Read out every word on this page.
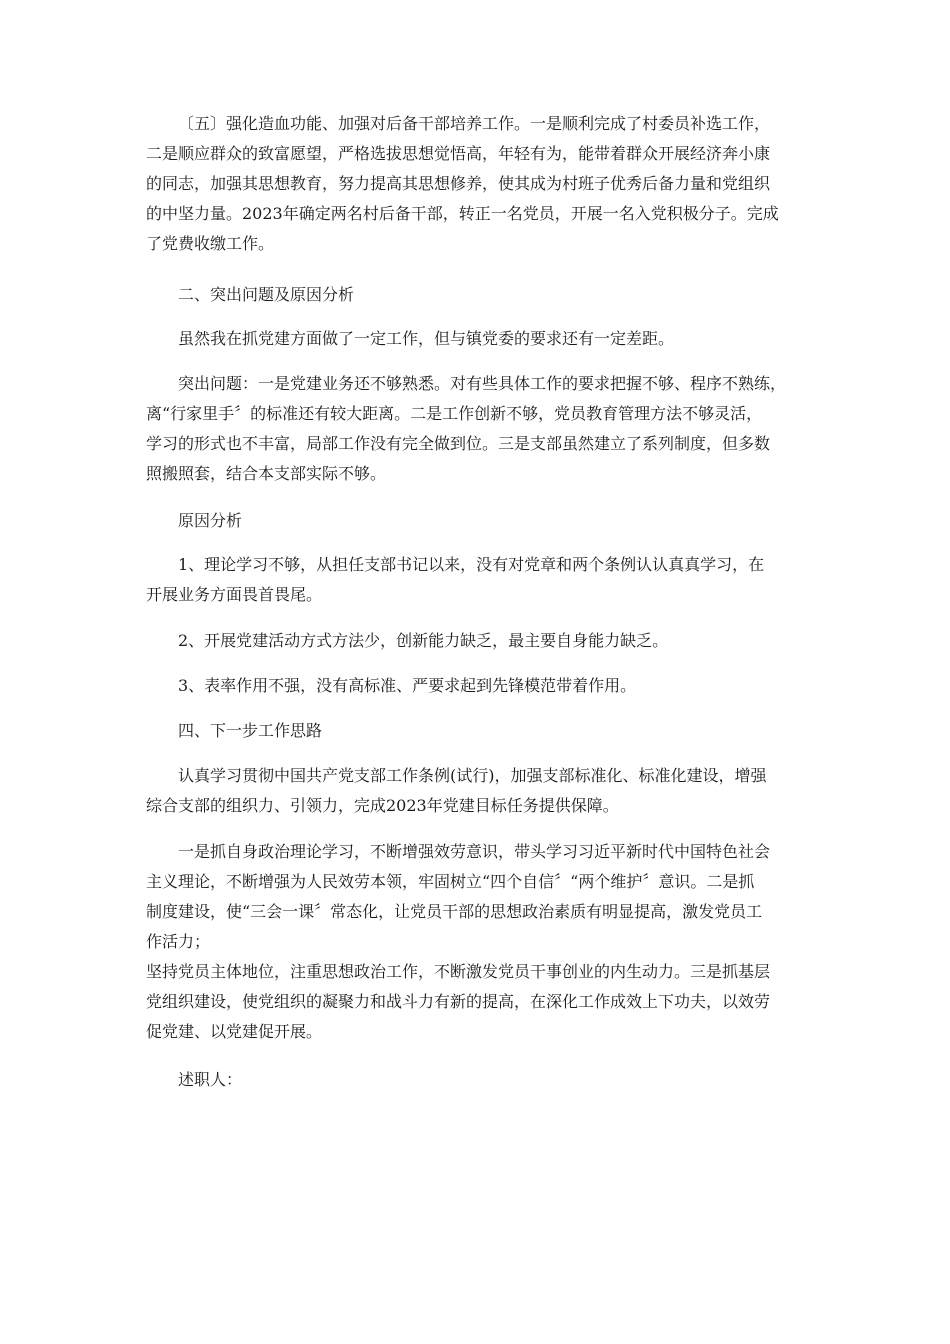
〔五〕强化造血功能、加强对后备干部培养工作。一是顺利完成了村委员补选工作，
二是顺应群众的致富愿望，严格选拔思想觉悟高，年轻有为，能带着群众开展经济奔小康
的同志，加强其思想教育，努力提高其思想修养，使其成为村班子优秀后备力量和党组织
的中坚力量。2023年确定两名村后备干部，转正一名党员，开展一名入党积极分子。完成
了党费收缴工作。
二、突出问题及原因分析
虽然我在抓党建方面做了一定工作，但与镇党委的要求还有一定差距。
突出问题：一是党建业务还不够熟悉。对有些具体工作的要求把握不够、程序不熟练，
离“行家里手〞的标准还有较大距离。二是工作创新不够，党员教育管理方法不够灵活，
学习的形式也不丰富，局部工作没有完全做到位。三是支部虽然建立了系列制度，但多数
照搬照套，结合本支部实际不够。
原因分析
1、理论学习不够，从担任支部书记以来，没有对党章和两个条例认认真真学习，在
开展业务方面畏首畏尾。
2、开展党建活动方式方法少，创新能力缺乏，最主要自身能力缺乏。
3、表率作用不强，没有高标准、严要求起到先锋模范带着作用。
四、下一步工作思路
认真学习贯彻中国共产党支部工作条例(试行)，加强支部标准化、标准化建设，增强
综合支部的组织力、引领力，完成2023年党建目标任务提供保障。
一是抓自身政治理论学习，不断增强效劳意识，带头学习习近平新时代中国特色社会
主义理论，不断增强为人民效劳本领，牢固树立“四个自信〞“两个维护〞意识。二是抓
制度建设，使“三会一课〞常态化，让党员干部的思想政治素质有明显提高，激发党员工
作活力；
坚持党员主体地位，注重思想政治工作，不断激发党员干事创业的内生动力。三是抓基层
党组织建设，使党组织的凝聚力和战斗力有新的提高，在深化工作成效上下功夫，以效劳
促党建、以党建促开展。
述职人：
